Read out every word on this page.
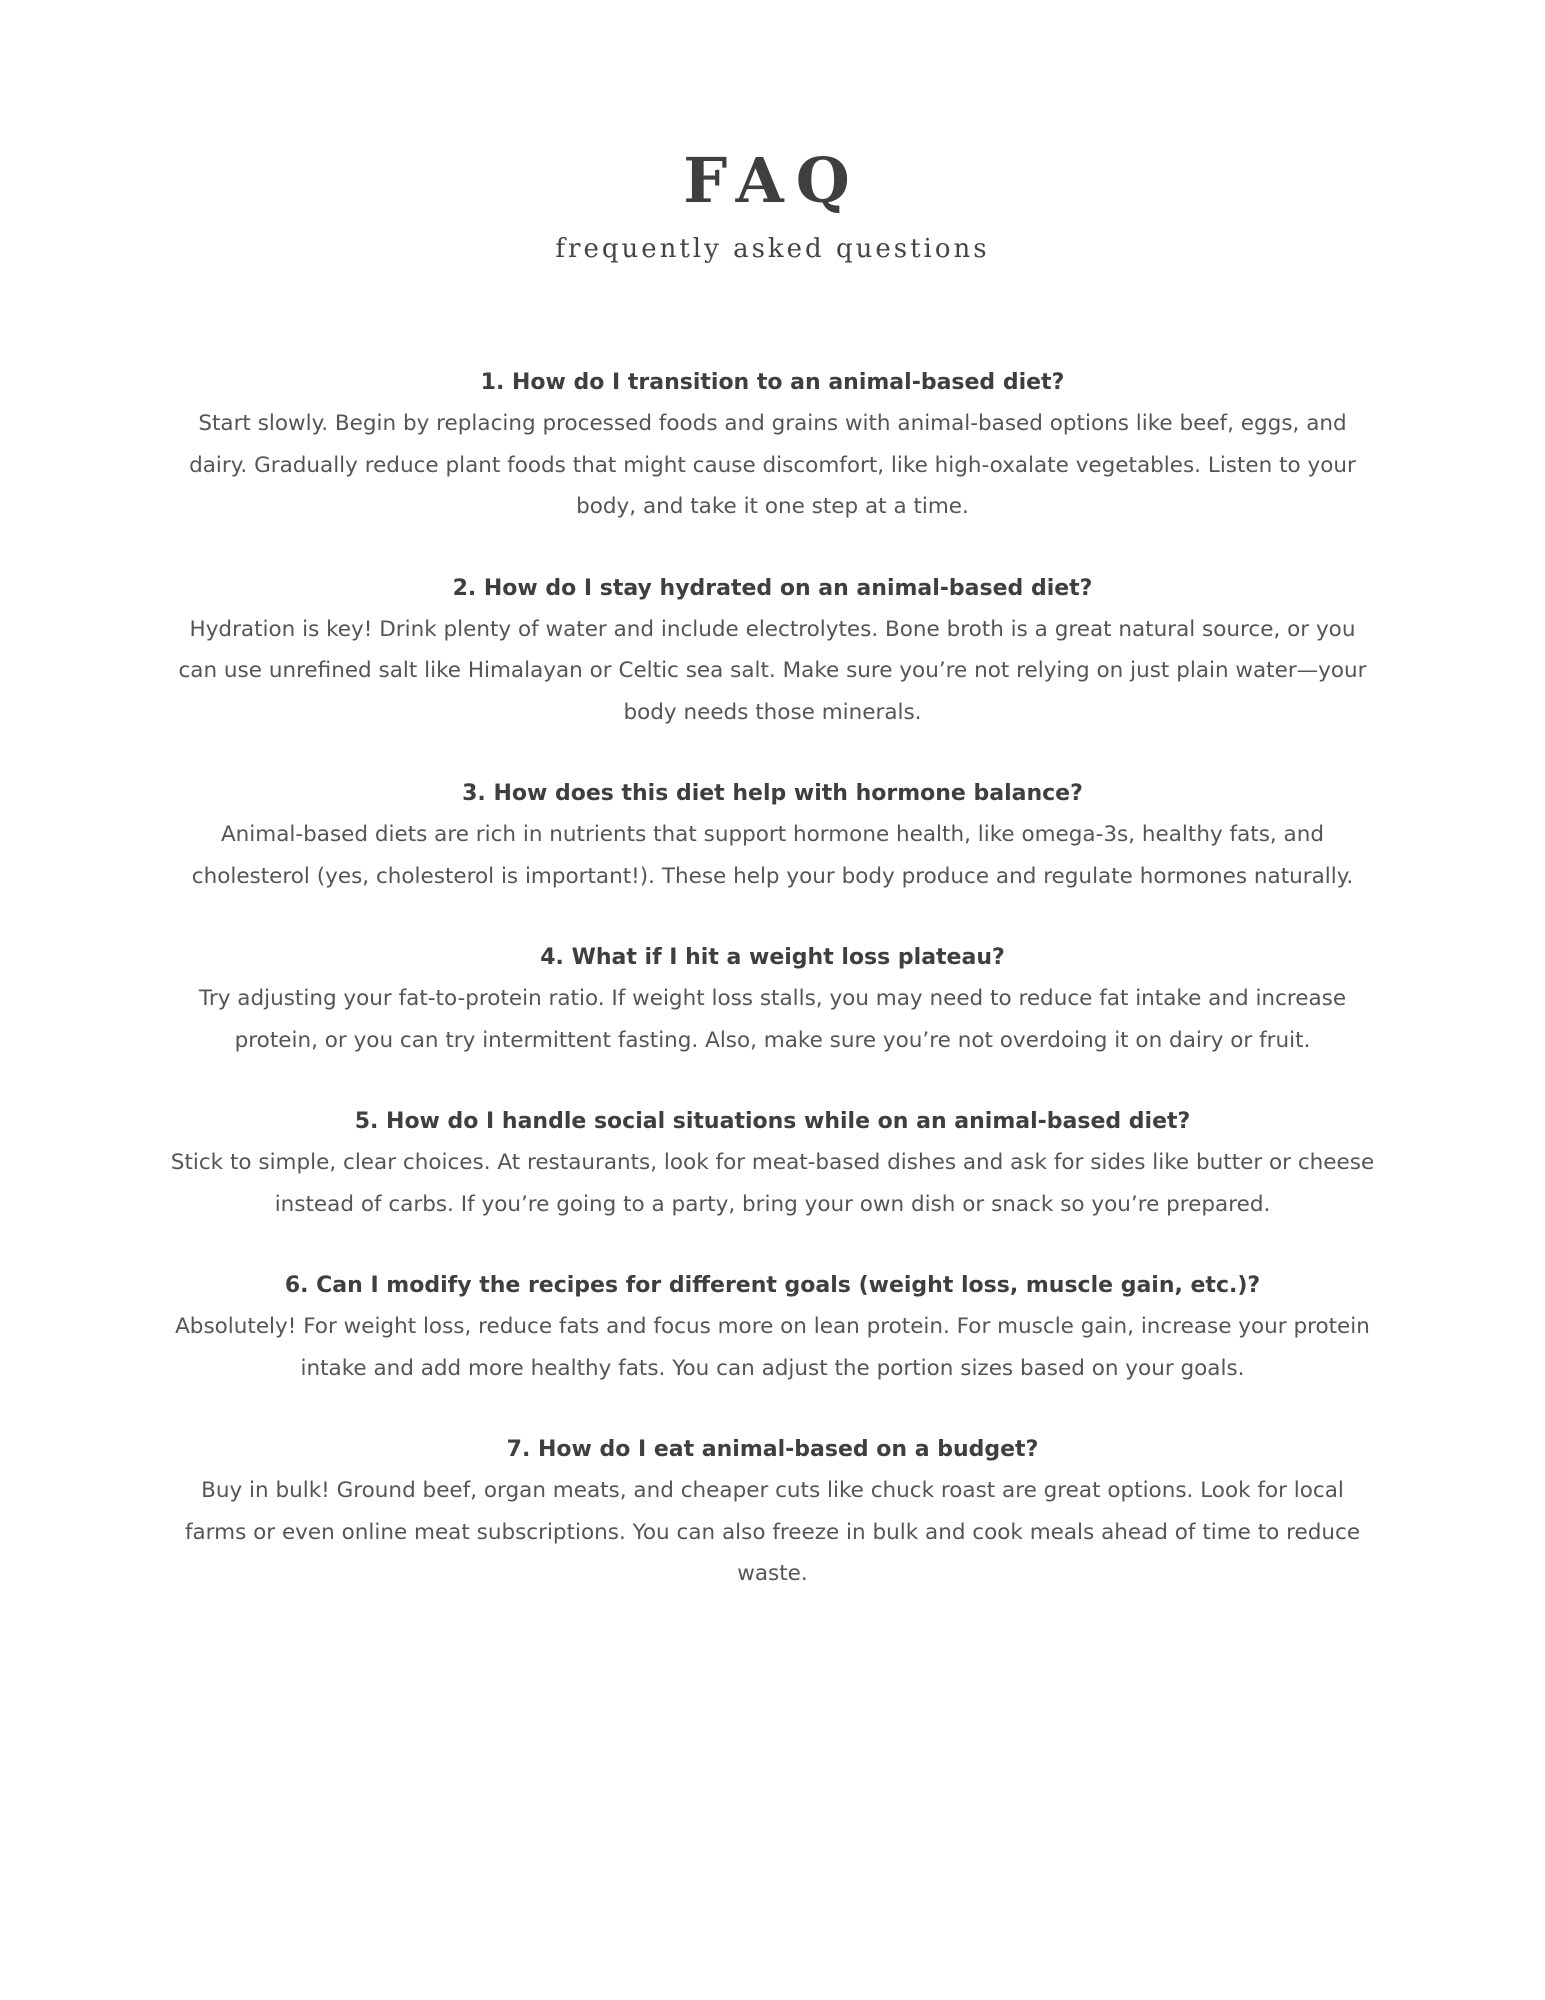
FAQ

frequently asked questions

1. How do I transition to an animal-based diet?

Start slowly. Begin by replacing processed foods and grains with animal-based options like beef, eggs, and dairy. Gradually reduce plant foods that might cause discomfort, like high-oxalate vegetables. Listen to your body, and take it one step at a time.

2. How do I stay hydrated on an animal-based diet?

Hydration is key! Drink plenty of water and include electrolytes. Bone broth is a great natural source, or you can use unrefined salt like Himalayan or Celtic sea salt. Make sure you’re not relying on just plain water—your body needs those minerals.

3. How does this diet help with hormone balance?

Animal-based diets are rich in nutrients that support hormone health, like omega-3s, healthy fats, and cholesterol (yes, cholesterol is important!). These help your body produce and regulate hormones naturally.

4. What if I hit a weight loss plateau?

Try adjusting your fat-to-protein ratio. If weight loss stalls, you may need to reduce fat intake and increase protein, or you can try intermittent fasting. Also, make sure you’re not overdoing it on dairy or fruit.

5. How do I handle social situations while on an animal-based diet?

Stick to simple, clear choices. At restaurants, look for meat-based dishes and ask for sides like butter or cheese instead of carbs. If you’re going to a party, bring your own dish or snack so you’re prepared.

6. Can I modify the recipes for different goals (weight loss, muscle gain, etc.)?

Absolutely! For weight loss, reduce fats and focus more on lean protein. For muscle gain, increase your protein intake and add more healthy fats. You can adjust the portion sizes based on your goals.

7. How do I eat animal-based on a budget?

Buy in bulk! Ground beef, organ meats, and cheaper cuts like chuck roast are great options. Look for local farms or even online meat subscriptions. You can also freeze in bulk and cook meals ahead of time to reduce waste.
